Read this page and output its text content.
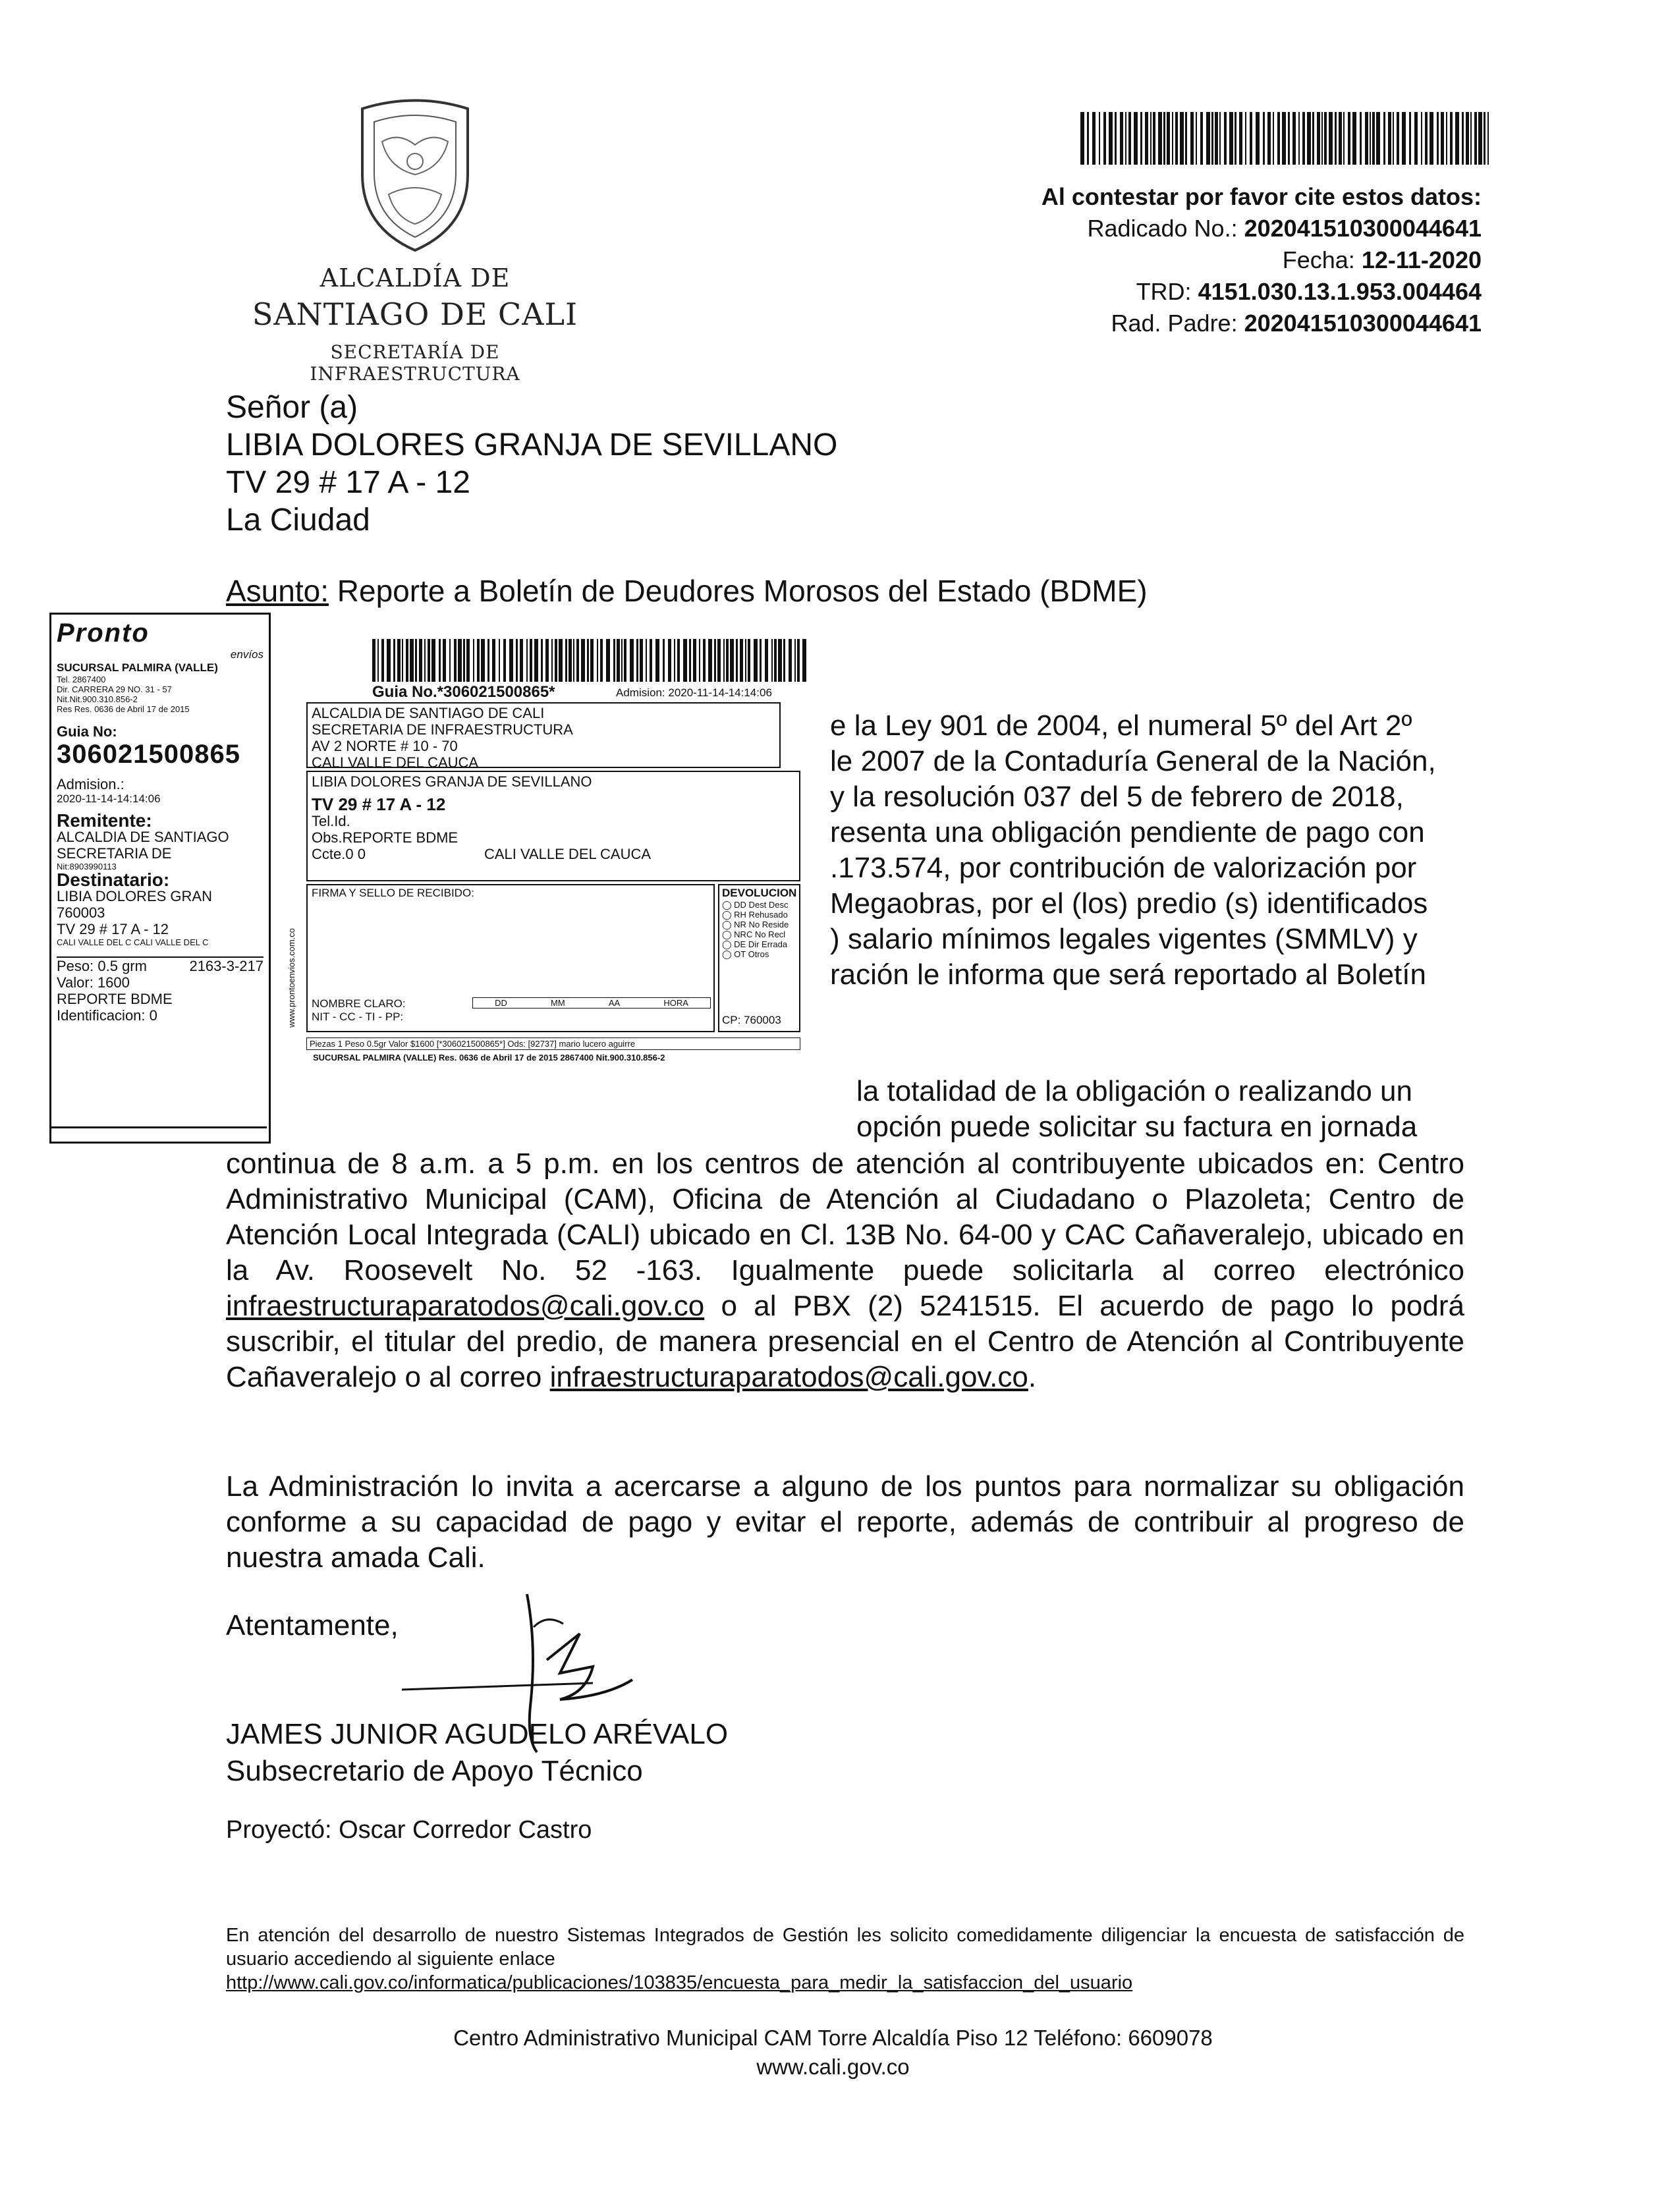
ALCALDÍA DE
SANTIAGO DE CALI
SECRETARÍA DE INFRAESTRUCTURA
Al contestar por favor cite estos datos:
Radicado No.: 202041510300044641
Fecha: 12-11-2020
TRD: 4151.030.13.1.953.004464
Rad. Padre: 202041510300044641
Señor (a)
LIBIA DOLORES GRANJA DE SEVILLANO
TV 29 # 17 A - 12
La Ciudad
Asunto: Reporte a Boletín de Deudores Morosos del Estado (BDME)
e la Ley 901 de 2004, el numeral 5º del Art 2º
le 2007 de la Contaduría General de la Nación,
y la resolución 037 del 5 de febrero de 2018,
resenta una obligación pendiente de pago con
.173.574, por contribución de valorización por
Megaobras, por el (los) predio (s) identificados
) salario mínimos legales vigentes (SMMLV) y
ración le informa que será reportado al Boletín
la totalidad de la obligación o realizando un
opción puede solicitar su factura en jornada
continua de 8 a.m. a 5 p.m. en los centros de atención al contribuyente ubicados en: Centro Administrativo Municipal (CAM), Oficina de Atención al Ciudadano o Plazoleta; Centro de Atención Local Integrada (CALI) ubicado en Cl. 13B No. 64-00 y CAC Cañaveralejo, ubicado en la Av. Roosevelt No. 52 -163. Igualmente puede solicitarla al correo electrónico infraestructuraparatodos@cali.gov.co o al PBX (2) 5241515. El acuerdo de pago lo podrá suscribir, el titular del predio, de manera presencial en el Centro de Atención al Contribuyente Cañaveralejo o al correo infraestructuraparatodos@cali.gov.co.
La Administración lo invita a acercarse a alguno de los puntos para normalizar su obligación conforme a su capacidad de pago y evitar el reporte, además de contribuir al progreso de nuestra amada Cali.
Atentamente,
JAMES JUNIOR AGUDELO ARÉVALO
Subsecretario de Apoyo Técnico
Proyectó: Oscar Corredor Castro
En atención del desarrollo de nuestro Sistemas Integrados de Gestión les solicito comedidamente diligenciar la encuesta de satisfacción de usuario accediendo al siguiente enlace
http://www.cali.gov.co/informatica/publicaciones/103835/encuesta_para_medir_la_satisfaccion_del_usuario
Centro Administrativo Municipal CAM Torre Alcaldía Piso 12 Teléfono: 6609078
www.cali.gov.co
Pronto
envíos
SUCURSAL PALMIRA (VALLE)
Tel. 2867400
Dir. CARRERA 29 NO. 31 - 57
Nit.Nit.900.310.856-2
Res Res. 0636 de Abril 17 de 2015
Guia No:
306021500865
Admision.:
2020-11-14-14:14:06
Remitente:
ALCALDIA DE SANTIAGO
SECRETARIA DE
Nit:8903990113
Destinatario:
LIBIA DOLORES GRAN
760003
TV 29 # 17 A - 12
CALI VALLE DEL C CALI VALLE DEL C
Peso: 0.5 grm	2163-3-217
Valor: 1600
REPORTE BDME
Identificacion: 0
Guia No.*306021500865*	Admision: 2020-11-14-14:14:06
ALCALDIA DE SANTIAGO DE CALI
SECRETARIA DE INFRAESTRUCTURA
AV 2 NORTE # 10 - 70
CALI VALLE DEL CAUCA
LIBIA DOLORES GRANJA DE SEVILLANO
TV 29 # 17 A - 12
Tel.Id.
Obs.REPORTE BDME
Ccte.0 0	CALI VALLE DEL CAUCA
FIRMA Y SELLO DE RECIBIDO:
NOMBRE CLARO:
NIT - CC - TI - PP:
DD	MM	AA	HORA
DEVOLUCION
◯ DD Dest Desc
◯ RH Rehusado
◯ NR No Reside
◯ NRC No Recl
◯ DE Dir Errada
◯ OT Otros
CP: 760003
Piezas 1 Peso 0.5gr Valor $1600 [*306021500865*] Ods: [92737] mario lucero aguirre
SUCURSAL PALMIRA (VALLE) Res. 0636 de Abril 17 de 2015 2867400 Nit.900.310.856-2
www.prontoenvios.com.co
